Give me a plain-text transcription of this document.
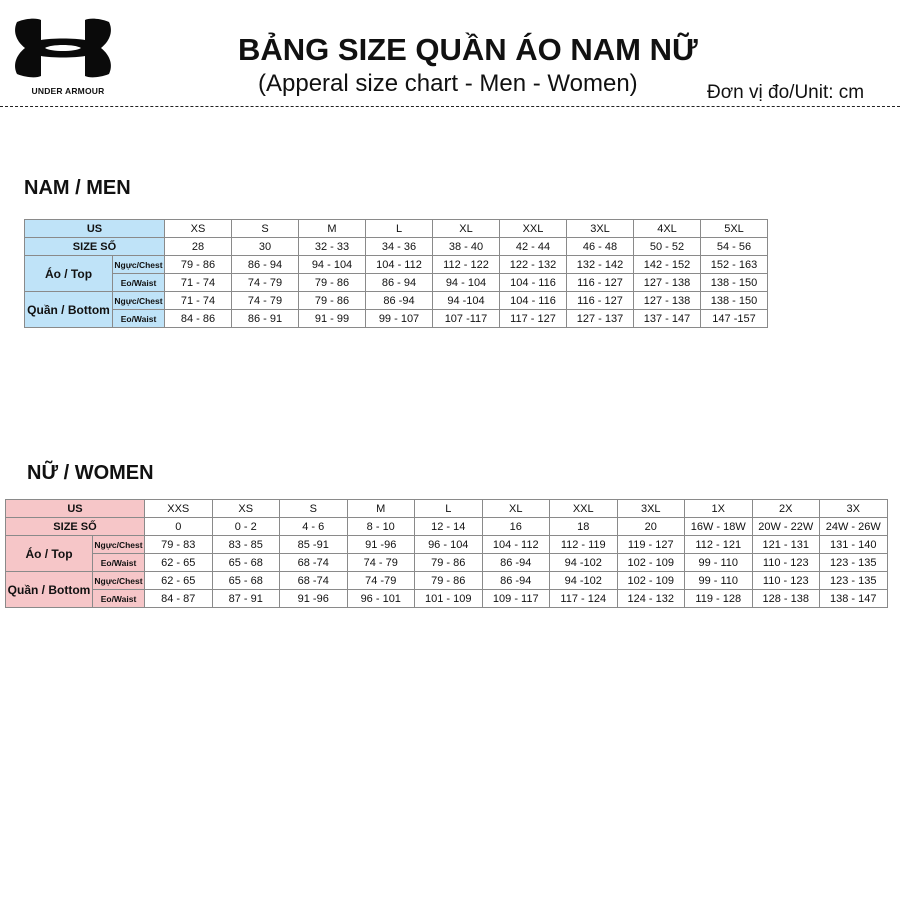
UNDER ARMOUR
BẢNG SIZE QUẦN ÁO NAM NỮ
(Apperal size chart - Men - Women)	Đơn vị đo/Unit: cm
NAM / MEN
US		XS	S	M	L	XL	XXL	3XL	4XL	5XL
SIZE SỐ		28	30	32 - 33	34 - 36	38 - 40	42 - 44	46 - 48	50 - 52	54 - 56
Áo / Top	Ngực/Chest	79 - 86	86 - 94	94 - 104	104 - 112	112 - 122	122 - 132	132 - 142	142 - 152	152 - 163
	Eo/Waist	71 - 74	74 - 79	79 - 86	86 - 94	94 - 104	104 - 116	116 - 127	127 - 138	138 - 150
Quần / Bottom	Ngực/Chest	71 - 74	74 - 79	79 - 86	86 -94	94 -104	104 - 116	116 - 127	127 - 138	138 - 150
	Eo/Waist	84 - 86	86 - 91	91 - 99	99 - 107	107 -117	117 - 127	127 - 137	137 - 147	147 -157
NỮ / WOMEN
US		XXS	XS	S	M	L	XL	XXL	3XL	1X	2X	3X
SIZE SỐ		0	0 - 2	4 - 6	8 - 10	12 - 14	16	18	20	16W - 18W	20W - 22W	24W - 26W
Áo / Top	Ngực/Chest	79 - 83	83 - 85	85 -91	91 -96	96 - 104	104 - 112	112 - 119	119 - 127	112 - 121	121 - 131	131 - 140
	Eo/Waist	62 - 65	65 - 68	68 -74	74 - 79	79 - 86	86 -94	94 -102	102 - 109	99 - 110	110 - 123	123 - 135
Quần / Bottom	Ngực/Chest	62 - 65	65 - 68	68 -74	74 -79	79 - 86	86 -94	94 -102	102 - 109	99 - 110	110 - 123	123 - 135
	Eo/Waist	84 - 87	87 - 91	91 -96	96 - 101	101 - 109	109 - 117	117 - 124	124 - 132	119 - 128	128 - 138	138 - 147
